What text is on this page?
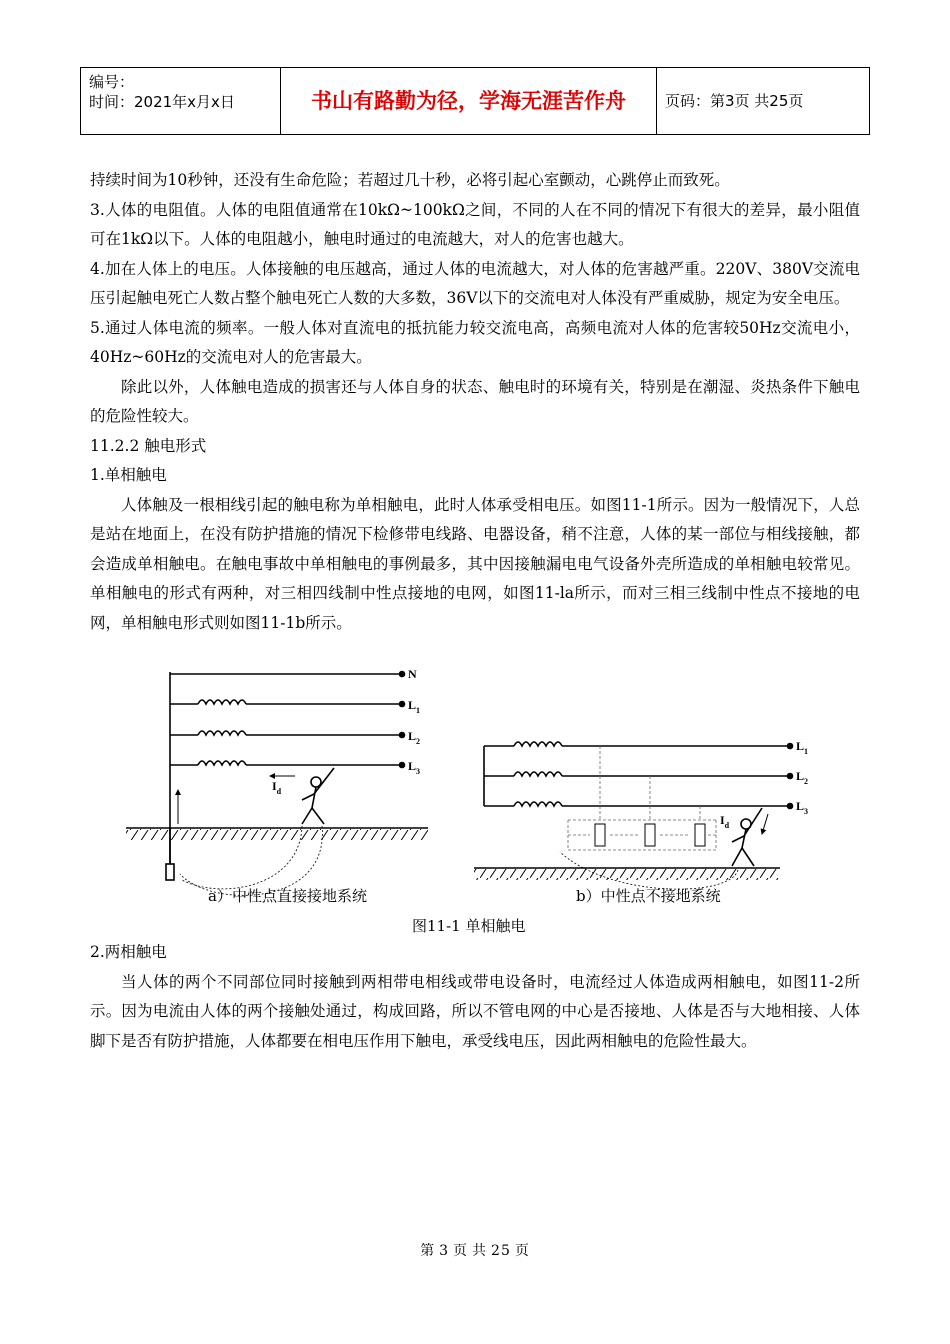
编号：
时间：2021年x月x日	书山有路勤为径，学海无涯苦作舟	页码：第3页 共25页

持续时间为10秒钟，还没有生命危险；若超过几十秒，必将引起心室颤动，心跳停止而致死。

3.人体的电阻值。人体的电阻值通常在10kΩ~100kΩ之间，不同的人在不同的情况下有很大的差异，最小阻值可在1kΩ以下。人体的电阻越小，触电时通过的电流越大，对人的危害也越大。

4.加在人体上的电压。人体接触的电压越高，通过人体的电流越大，对人体的危害越严重。220V、380V交流电压引起触电死亡人数占整个触电死亡人数的大多数，36V以下的交流电对人体没有严重威胁，规定为安全电压。

5.通过人体电流的频率。一般人体对直流电的抵抗能力较交流电高，高频电流对人体的危害较50Hz交流电小，40Hz~60Hz的交流电对人的危害最大。

除此以外，人体触电造成的损害还与人体自身的状态、触电时的环境有关，特别是在潮湿、炎热条件下触电的危险性较大。

11.2.2 触电形式

1.单相触电

人体触及一根相线引起的触电称为单相触电，此时人体承受相电压。如图11-1所示。因为一般情况下，人总是站在地面上，在没有防护措施的情况下检修带电线路、电器设备，稍不注意，人体的某一部位与相线接触，都会造成单相触电。在触电事故中单相触电的事例最多，其中因接触漏电电气设备外壳所造成的单相触电较常见。单相触电的形式有两种，对三相四线制中性点接地的电网，如图11-la所示，而对三相三线制中性点不接地的电网，单相触电形式则如图11-1b所示。

N
$L_1$
$L_2$
$L_3$
$I_d$
$L_1$
$L_2$
$L_3$
$I_d$
a）中性点直接接地系统	b）中性点不接地系统
图11-1 单相触电

2.两相触电

当人体的两个不同部位同时接触到两相带电相线或带电设备时，电流经过人体造成两相触电，如图11-2所示。因为电流由人体的两个接触处通过，构成回路，所以不管电网的中心是否接地、人体是否与大地相接、人体脚下是否有防护措施，人体都要在相电压作用下触电，承受线电压，因此两相触电的危险性最大。

第 3 页 共 25 页
